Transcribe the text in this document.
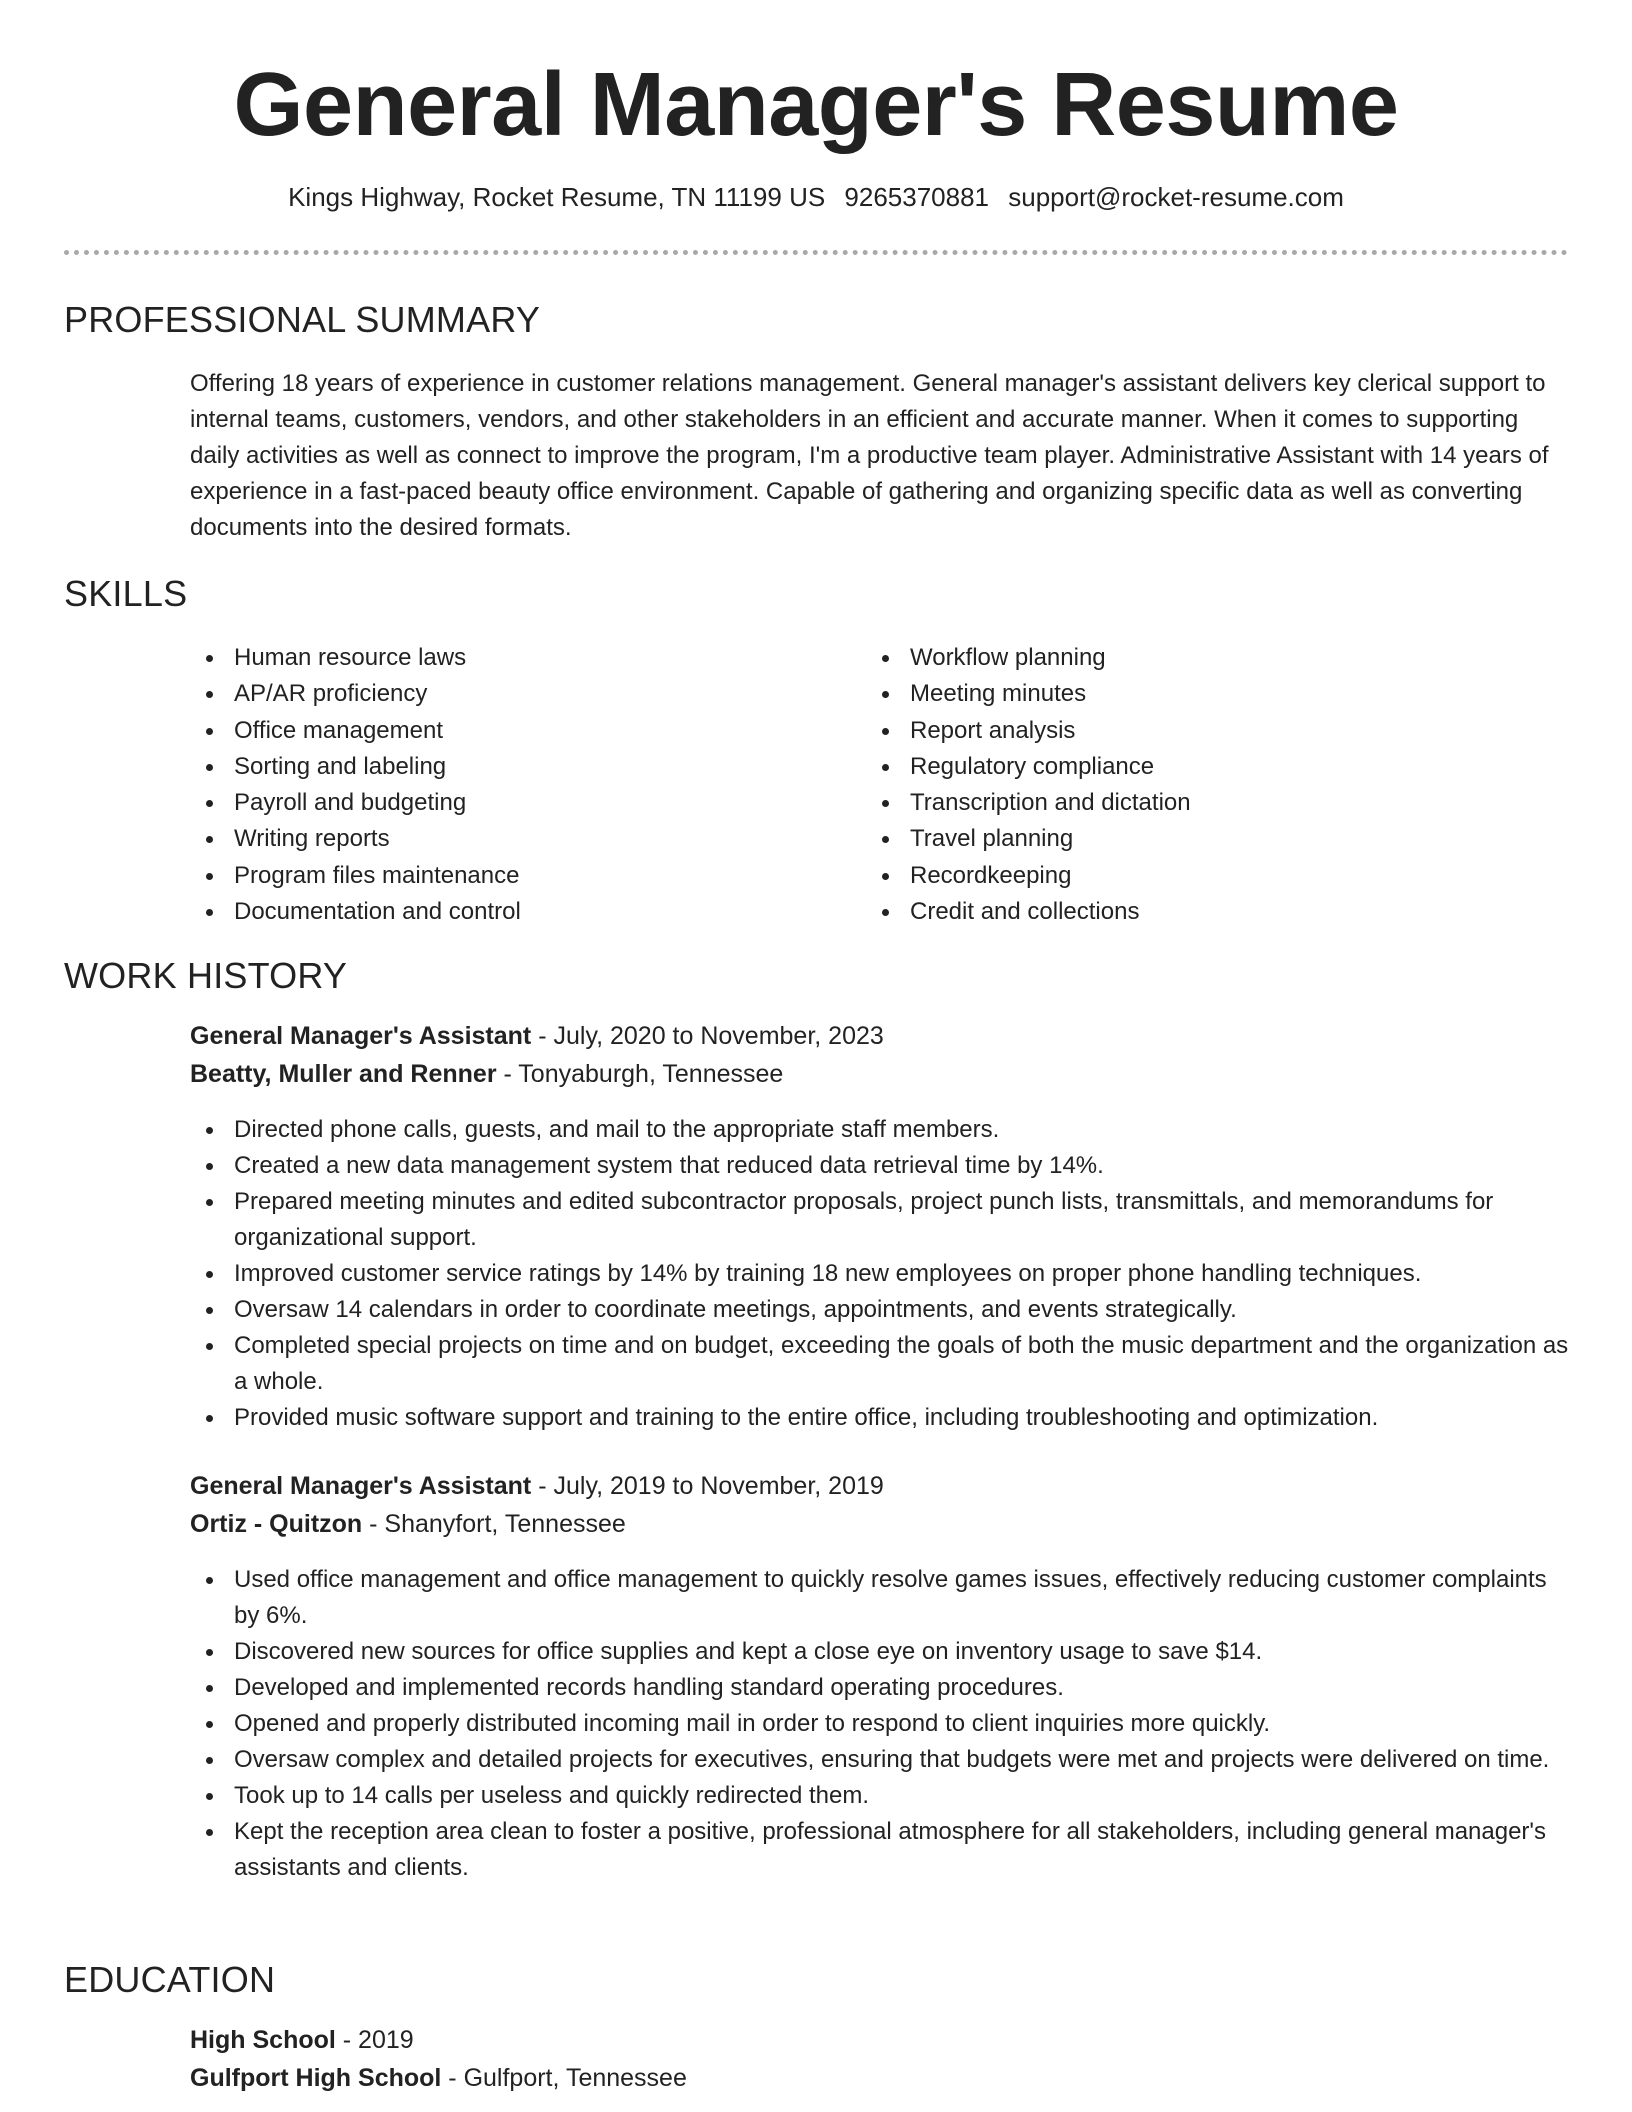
General Manager's Resume
Kings Highway, Rocket Resume, TN 11199 US 9265370881 support@rocket-resume.com
PROFESSIONAL SUMMARY
Offering 18 years of experience in customer relations management. General manager's assistant delivers key clerical support to internal teams, customers, vendors, and other stakeholders in an efficient and accurate manner. When it comes to supporting daily activities as well as connect to improve the program, I'm a productive team player. Administrative Assistant with 14 years of experience in a fast-paced beauty office environment. Capable of gathering and organizing specific data as well as converting documents into the desired formats.
SKILLS
Human resource laws
AP/AR proficiency
Office management
Sorting and labeling
Payroll and budgeting
Writing reports
Program files maintenance
Documentation and control
Workflow planning
Meeting minutes
Report analysis
Regulatory compliance
Transcription and dictation
Travel planning
Recordkeeping
Credit and collections
WORK HISTORY
General Manager's Assistant - July, 2020 to November, 2023
Beatty, Muller and Renner - Tonyaburgh, Tennessee
Directed phone calls, guests, and mail to the appropriate staff members.
Created a new data management system that reduced data retrieval time by 14%.
Prepared meeting minutes and edited subcontractor proposals, project punch lists, transmittals, and memorandums for organizational support.
Improved customer service ratings by 14% by training 18 new employees on proper phone handling techniques.
Oversaw 14 calendars in order to coordinate meetings, appointments, and events strategically.
Completed special projects on time and on budget, exceeding the goals of both the music department and the organization as a whole.
Provided music software support and training to the entire office, including troubleshooting and optimization.
General Manager's Assistant - July, 2019 to November, 2019
Ortiz - Quitzon - Shanyfort, Tennessee
Used office management and office management to quickly resolve games issues, effectively reducing customer complaints by 6%.
Discovered new sources for office supplies and kept a close eye on inventory usage to save $14.
Developed and implemented records handling standard operating procedures.
Opened and properly distributed incoming mail in order to respond to client inquiries more quickly.
Oversaw complex and detailed projects for executives, ensuring that budgets were met and projects were delivered on time.
Took up to 14 calls per useless and quickly redirected them.
Kept the reception area clean to foster a positive, professional atmosphere for all stakeholders, including general manager's assistants and clients.
EDUCATION
High School - 2019
Gulfport High School - Gulfport, Tennessee
